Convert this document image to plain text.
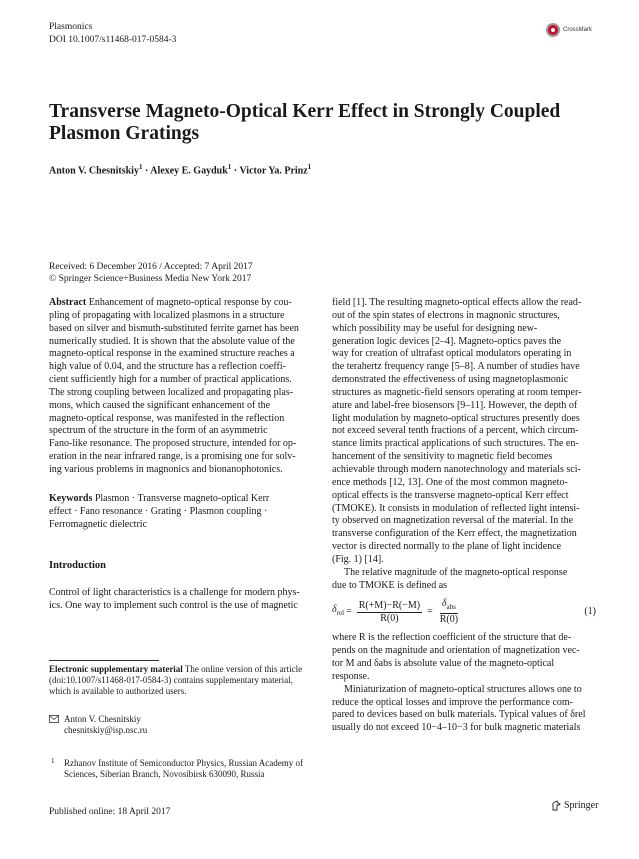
Plasmonics
DOI 10.1007/s11468-017-0584-3
CrossMark
Transverse Magneto-Optical Kerr Effect in Strongly Coupled
Plasmon Gratings
Anton V. Chesnitskiy$^1$ · Alexey E. Gayduk$^1$ · Victor Ya. Prinz$^1$
Received: 6 December 2016 / Accepted: 7 April 2017
© Springer Science+Business Media New York 2017
Abstract Enhancement of magneto-optical response by cou-
pling of propagating with localized plasmons in a structure
based on silver and bismuth-substituted ferrite garnet has been
numerically studied. It is shown that the absolute value of the
magneto-optical response in the examined structure reaches a
high value of 0.04, and the structure has a reflection coeffi-
cient sufficiently high for a number of practical applications.
The strong coupling between localized and propagating plas-
mons, which caused the significant enhancement of the
magneto-optical response, was manifested in the reflection
spectrum of the structure in the form of an asymmetric
Fano-like resonance. The proposed structure, intended for op-
eration in the near infrared range, is a promising one for solv-
ing various problems in magnonics and bionanophotonics.
Keywords Plasmon · Transverse magneto-optical Kerr
effect · Fano resonance · Grating · Plasmon coupling ·
Ferromagnetic dielectric
Introduction
Control of light characteristics is a challenge for modern phys-
ics. One way to implement such control is the use of magnetic
Electronic supplementary material The online version of this article
(doi:10.1007/s11468-017-0584-3) contains supplementary material,
which is available to authorized users.
Anton V. Chesnitskiy
chesnitskiy@isp.nsc.ru
1 Rzhanov Institute of Semiconductor Physics, Russian Academy of
Sciences, Siberian Branch, Novosibirsk 630090, Russia
Published online: 18 April 2017
Springer
field [1]. The resulting magneto-optical effects allow the read-
out of the spin states of electrons in magnonic structures,
which possibility may be useful for designing new-
generation logic devices [2–4]. Magneto-optics paves the
way for creation of ultrafast optical modulators operating in
the terahertz frequency range [5–8]. A number of studies have
demonstrated the effectiveness of using magnetoplasmonic
structures as magnetic-field sensors operating at room temper-
ature and label-free biosensors [9–11]. However, the depth of
light modulation by magneto-optical structures presently does
not exceed several tenth fractions of a percent, which circum-
stance limits practical applications of such structures. The en-
hancement of the sensitivity to magnetic field becomes
achievable through modern nanotechnology and materials sci-
ence methods [12, 13]. One of the most common magneto-
optical effects is the transverse magneto-optical Kerr effect
(TMOKE). It consists in modulation of reflected light intensi-
ty observed on magnetization reversal of the material. In the
transverse configuration of the Kerr effect, the magnetization
vector is directed normally to the plane of light incidence
(Fig. 1) [14].
The relative magnitude of the magneto-optical response
due to TMOKE is defined as
$\delta_{rel} = \frac{R(+M)-R(-M)}{R(0)} = \frac{\delta_{abs}}{R(0)}$	(1)
where R is the reflection coefficient of the structure that de-
pends on the magnitude and orientation of magnetization vec-
tor M and δabs is absolute value of the magneto-optical
response.
Miniaturization of magneto-optical structures allows one to
reduce the optical losses and improve the performance com-
pared to devices based on bulk materials. Typical values of δrel
usually do not exceed 10−4–10−3 for bulk magnetic materials
